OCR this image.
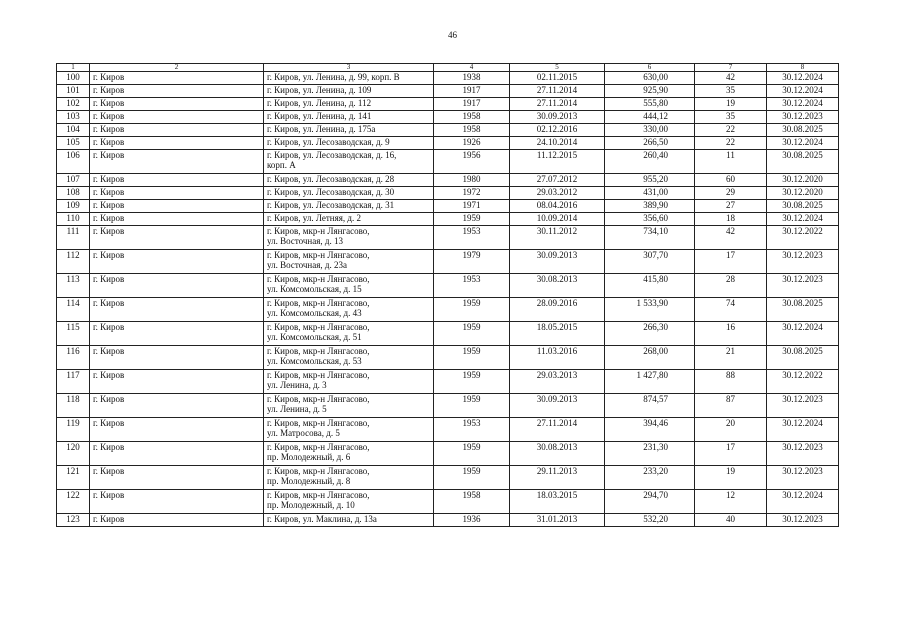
46
1	2	3	4	5	6	7	8
100	г. Киров	г. Киров, ул. Ленина, д. 99, корп. В	1938	02.11.2015	630,00	42	30.12.2024
101	г. Киров	г. Киров, ул. Ленина, д. 109	1917	27.11.2014	925,90	35	30.12.2024
102	г. Киров	г. Киров, ул. Ленина, д. 112	1917	27.11.2014	555,80	19	30.12.2024
103	г. Киров	г. Киров, ул. Ленина, д. 141	1958	30.09.2013	444,12	35	30.12.2023
104	г. Киров	г. Киров, ул. Ленина, д. 175а	1958	02.12.2016	330,00	22	30.08.2025
105	г. Киров	г. Киров, ул. Лесозаводская, д. 9	1926	24.10.2014	266,50	22	30.12.2024
106	г. Киров	г. Киров, ул. Лесозаводская, д. 16,
корп. А	1956	11.12.2015	260,40	11	30.08.2025
107	г. Киров	г. Киров, ул. Лесозаводская, д. 28	1980	27.07.2012	955,20	60	30.12.2020
108	г. Киров	г. Киров, ул. Лесозаводская, д. 30	1972	29.03.2012	431,00	29	30.12.2020
109	г. Киров	г. Киров, ул. Лесозаводская, д. 31	1971	08.04.2016	389,90	27	30.08.2025
110	г. Киров	г. Киров, ул. Летняя, д. 2	1959	10.09.2014	356,60	18	30.12.2024
111	г. Киров	г. Киров, мкр-н Лянгасово,
ул. Восточная, д. 13	1953	30.11.2012	734,10	42	30.12.2022
112	г. Киров	г. Киров, мкр-н Лянгасово,
ул. Восточная, д. 23а	1979	30.09.2013	307,70	17	30.12.2023
113	г. Киров	г. Киров, мкр-н Лянгасово,
ул. Комсомольская, д. 15	1953	30.08.2013	415,80	28	30.12.2023
114	г. Киров	г. Киров, мкр-н Лянгасово,
ул. Комсомольская, д. 43	1959	28.09.2016	1 533,90	74	30.08.2025
115	г. Киров	г. Киров, мкр-н Лянгасово,
ул. Комсомольская, д. 51	1959	18.05.2015	266,30	16	30.12.2024
116	г. Киров	г. Киров, мкр-н Лянгасово,
ул. Комсомольская, д. 53	1959	11.03.2016	268,00	21	30.08.2025
117	г. Киров	г. Киров, мкр-н Лянгасово,
ул. Ленина, д. 3	1959	29.03.2013	1 427,80	88	30.12.2022
118	г. Киров	г. Киров, мкр-н Лянгасово,
ул. Ленина, д. 5	1959	30.09.2013	874,57	87	30.12.2023
119	г. Киров	г. Киров, мкр-н Лянгасово,
ул. Матросова, д. 5	1953	27.11.2014	394,46	20	30.12.2024
120	г. Киров	г. Киров, мкр-н Лянгасово,
пр. Молодежный, д. 6	1959	30.08.2013	231,30	17	30.12.2023
121	г. Киров	г. Киров, мкр-н Лянгасово,
пр. Молодежный, д. 8	1959	29.11.2013	233,20	19	30.12.2023
122	г. Киров	г. Киров, мкр-н Лянгасово,
пр. Молодежный, д. 10	1958	18.03.2015	294,70	12	30.12.2024
123	г. Киров	г. Киров, ул. Маклина, д. 13а	1936	31.01.2013	532,20	40	30.12.2023
